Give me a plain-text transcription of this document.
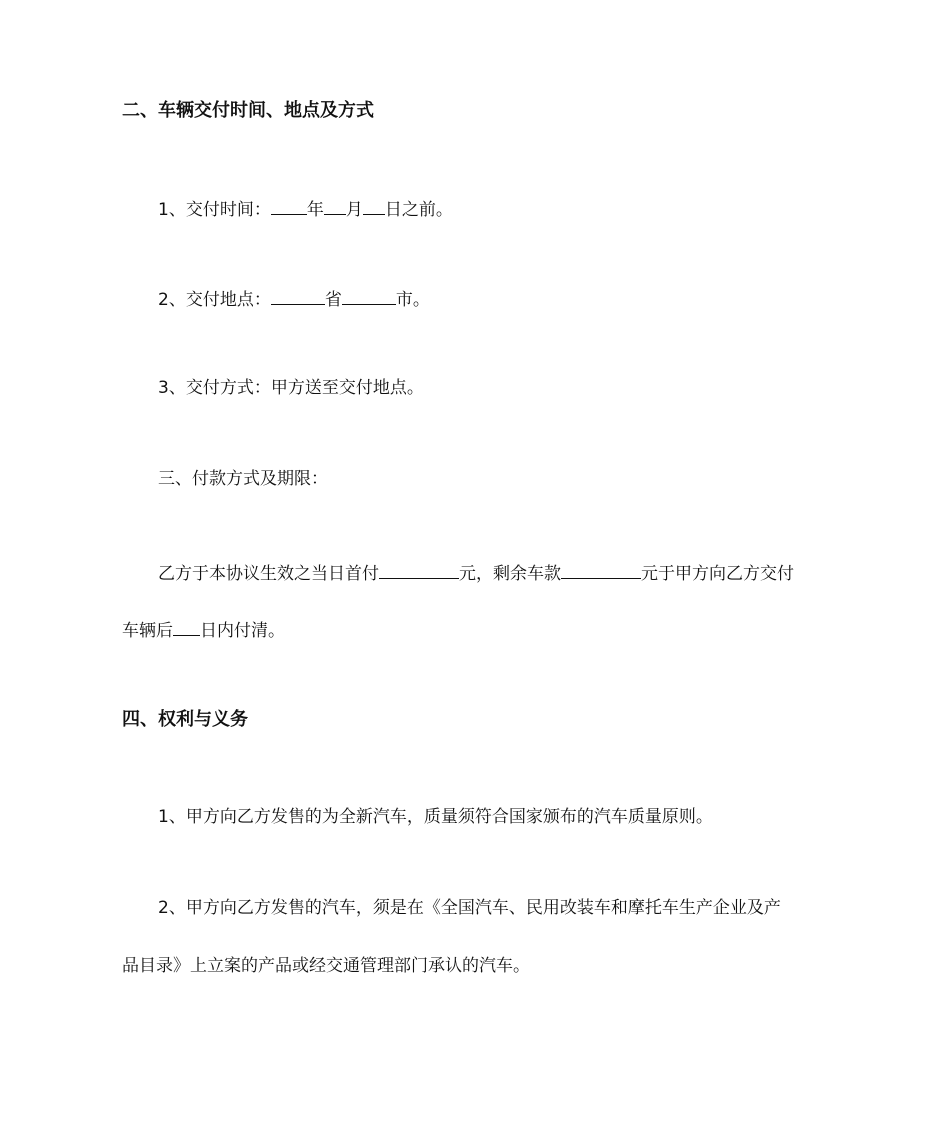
二、车辆交付时间、地点及方式
1、交付时间： 年 月 日之前。
2、交付地点：	省	市。
3、交付方式：甲方送至交付地点。
三、付款方式及期限：
乙方于本协议生效之当日首付	元，剩余车款	元于甲方向乙方交付
车辆后 日内付清。
四、权利与义务
1、甲方向乙方发售的为全新汽车，质量须符合国家颁布的汽车质量原则。
2、甲方向乙方发售的汽车，须是在《全国汽车、民用改装车和摩托车生产企业及产
品目录》上立案的产品或经交通管理部门承认的汽车。
